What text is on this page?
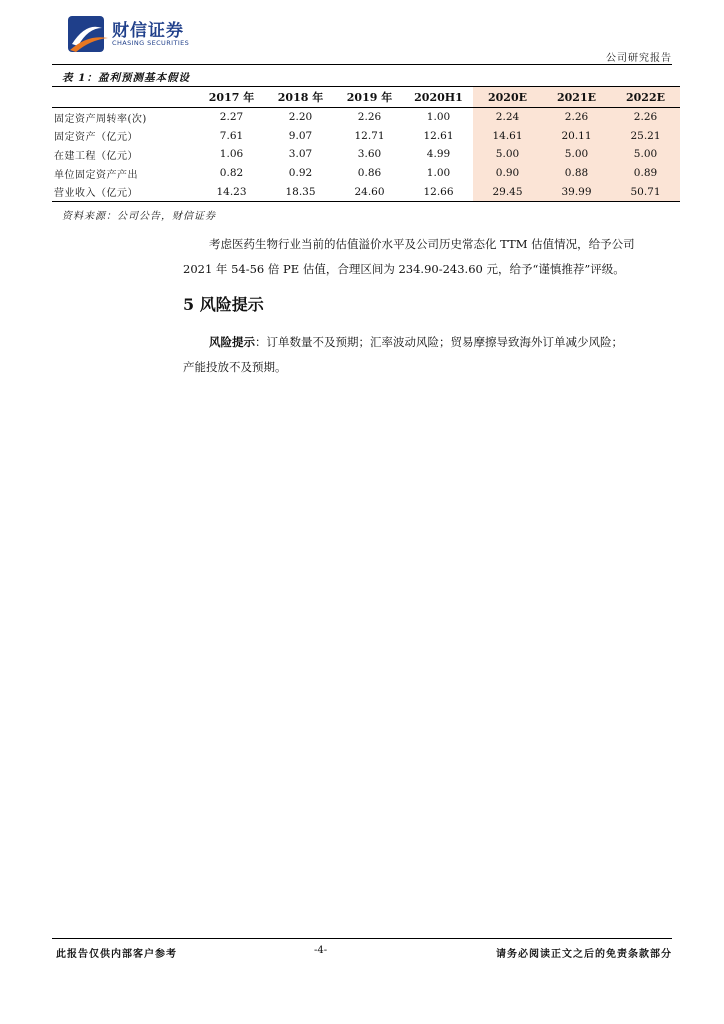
财信证券
CHASING SECURITIES
公司研究报告
表 1：盈利预测基本假设
	2017 年	2018 年	2019 年	2020H1	2020E	2021E	2022E
固定资产周转率(次)	2.27	2.20	2.26	1.00	2.24	2.26	2.26
固定资产（亿元）	7.61	9.07	12.71	12.61	14.61	20.11	25.21
在建工程（亿元）	1.06	3.07	3.60	4.99	5.00	5.00	5.00
单位固定资产产出	0.82	0.92	0.86	1.00	0.90	0.88	0.89
营业收入（亿元）	14.23	18.35	24.60	12.66	29.45	39.99	50.71
资料来源：公司公告，财信证券
考虑医药生物行业当前的估值溢价水平及公司历史常态化 TTM 估值情况，给予公司
2021 年 54-56 倍 PE 估值，合理区间为 234.90-243.60 元，给予“谨慎推荐”评级。
5 风险提示
风险提示：订单数量不及预期；汇率波动风险；贸易摩擦导致海外订单减少风险；
产能投放不及预期。
此报告仅供内部客户参考	-4-	请务必阅读正文之后的免责条款部分
